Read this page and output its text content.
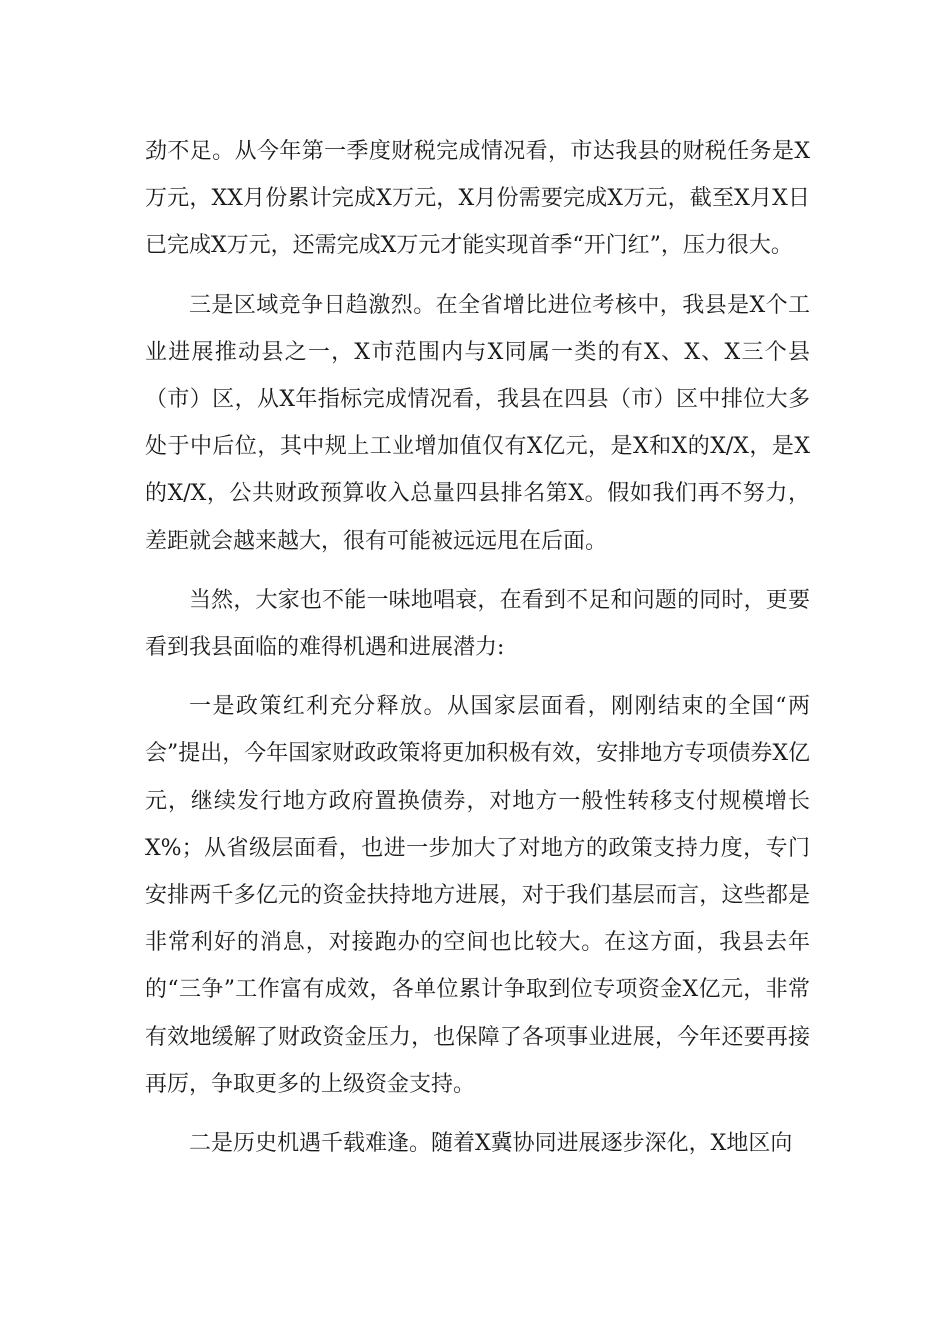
劲不足。从今年第一季度财税完成情况看，市达我县的财税任务是X万元，XX月份累计完成X万元，X月份需要完成X万元，截至X月X日已完成X万元，还需完成X万元才能实现首季“开门红”，压力很大。

三是区域竞争日趋激烈。在全省增比进位考核中，我县是X个工业进展推动县之一，X市范围内与X同属一类的有X、X、X三个县（市）区，从X年指标完成情况看，我县在四县（市）区中排位大多处于中后位，其中规上工业增加值仅有X亿元，是X和X的X/X，是X的X/X，公共财政预算收入总量四县排名第X。假如我们再不努力，差距就会越来越大，很有可能被远远甩在后面。

当然，大家也不能一味地唱衰，在看到不足和问题的同时，更要看到我县面临的难得机遇和进展潜力:

一是政策红利充分释放。从国家层面看，刚刚结束的全国“两会”提出，今年国家财政政策将更加积极有效，安排地方专项债券X亿元，继续发行地方政府置换债券，对地方一般性转移支付规模增长X%；从省级层面看，也进一步加大了对地方的政策支持力度，专门安排两千多亿元的资金扶持地方进展，对于我们基层而言，这些都是非常利好的消息，对接跑办的空间也比较大。在这方面，我县去年的“三争”工作富有成效，各单位累计争取到位专项资金X亿元，非常有效地缓解了财政资金压力，也保障了各项事业进展，今年还要再接再厉，争取更多的上级资金支持。

二是历史机遇千载难逢。随着X冀协同进展逐步深化，X地区向
